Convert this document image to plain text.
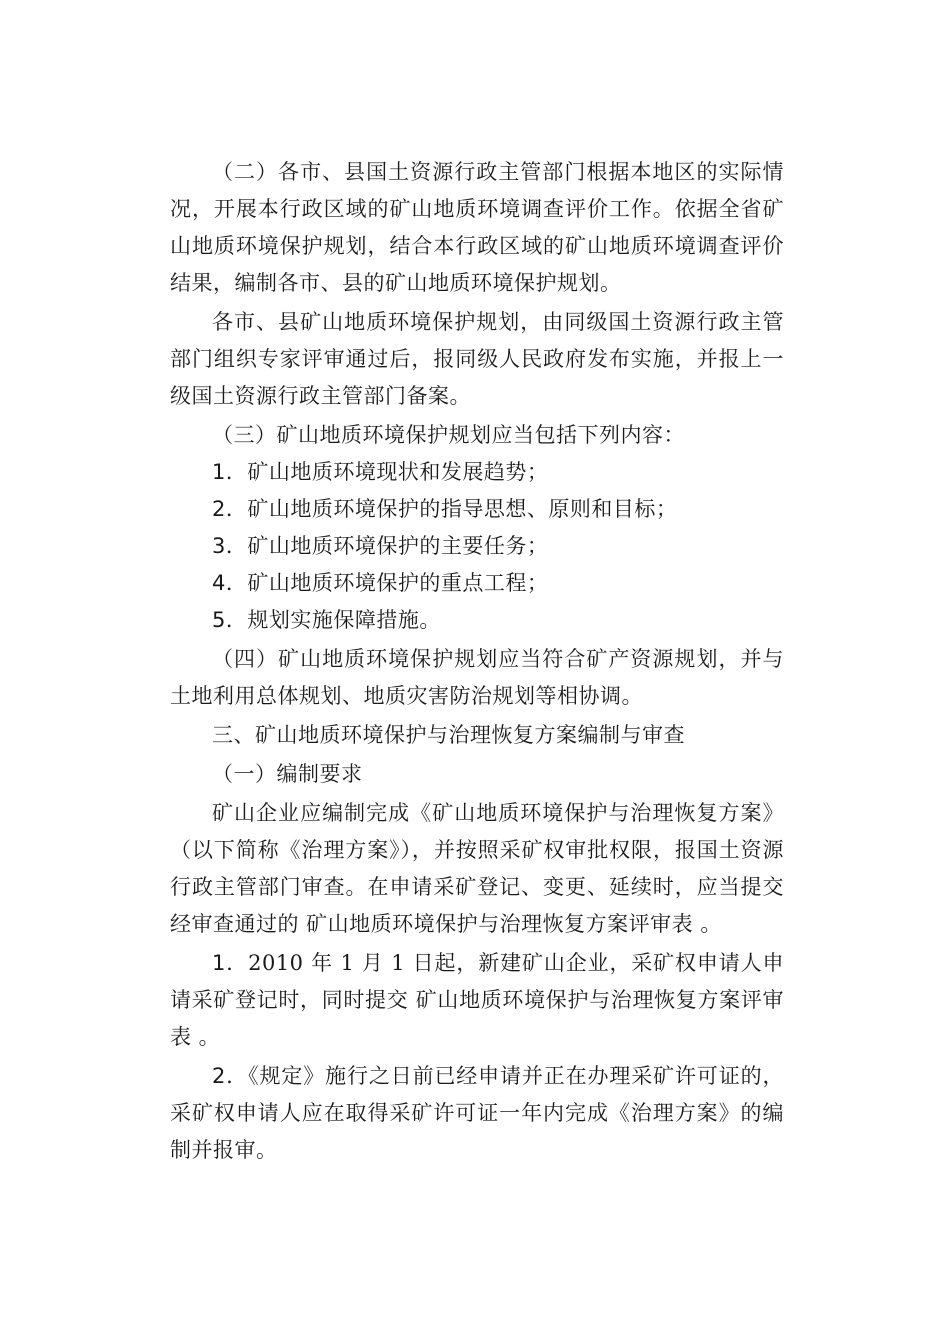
（二）各市、县国土资源行政主管部门根据本地区的实际情况，开展本行政区域的矿山地质环境调查评价工作。依据全省矿山地质环境保护规划，结合本行政区域的矿山地质环境调查评价结果，编制各市、县的矿山地质环境保护规划。

各市、县矿山地质环境保护规划，由同级国土资源行政主管部门组织专家评审通过后，报同级人民政府发布实施，并报上一级国土资源行政主管部门备案。

（三）矿山地质环境保护规划应当包括下列内容：

1．矿山地质环境现状和发展趋势；

2．矿山地质环境保护的指导思想、原则和目标；

3．矿山地质环境保护的主要任务；

4．矿山地质环境保护的重点工程；

5．规划实施保障措施。

（四）矿山地质环境保护规划应当符合矿产资源规划，并与土地利用总体规划、地质灾害防治规划等相协调。

三、矿山地质环境保护与治理恢复方案编制与审查

（一）编制要求

矿山企业应编制完成《矿山地质环境保护与治理恢复方案》（以下简称《治理方案》），并按照采矿权审批权限，报国土资源行政主管部门审查。在申请采矿登记、变更、延续时，应当提交经审查通过的 矿山地质环境保护与治理恢复方案评审表 。

1．2010 年 1 月 1 日起，新建矿山企业，采矿权申请人申请采矿登记时，同时提交 矿山地质环境保护与治理恢复方案评审表 。

2．《规定》施行之日前已经申请并正在办理采矿许可证的，采矿权申请人应在取得采矿许可证一年内完成《治理方案》的编制并报审。
